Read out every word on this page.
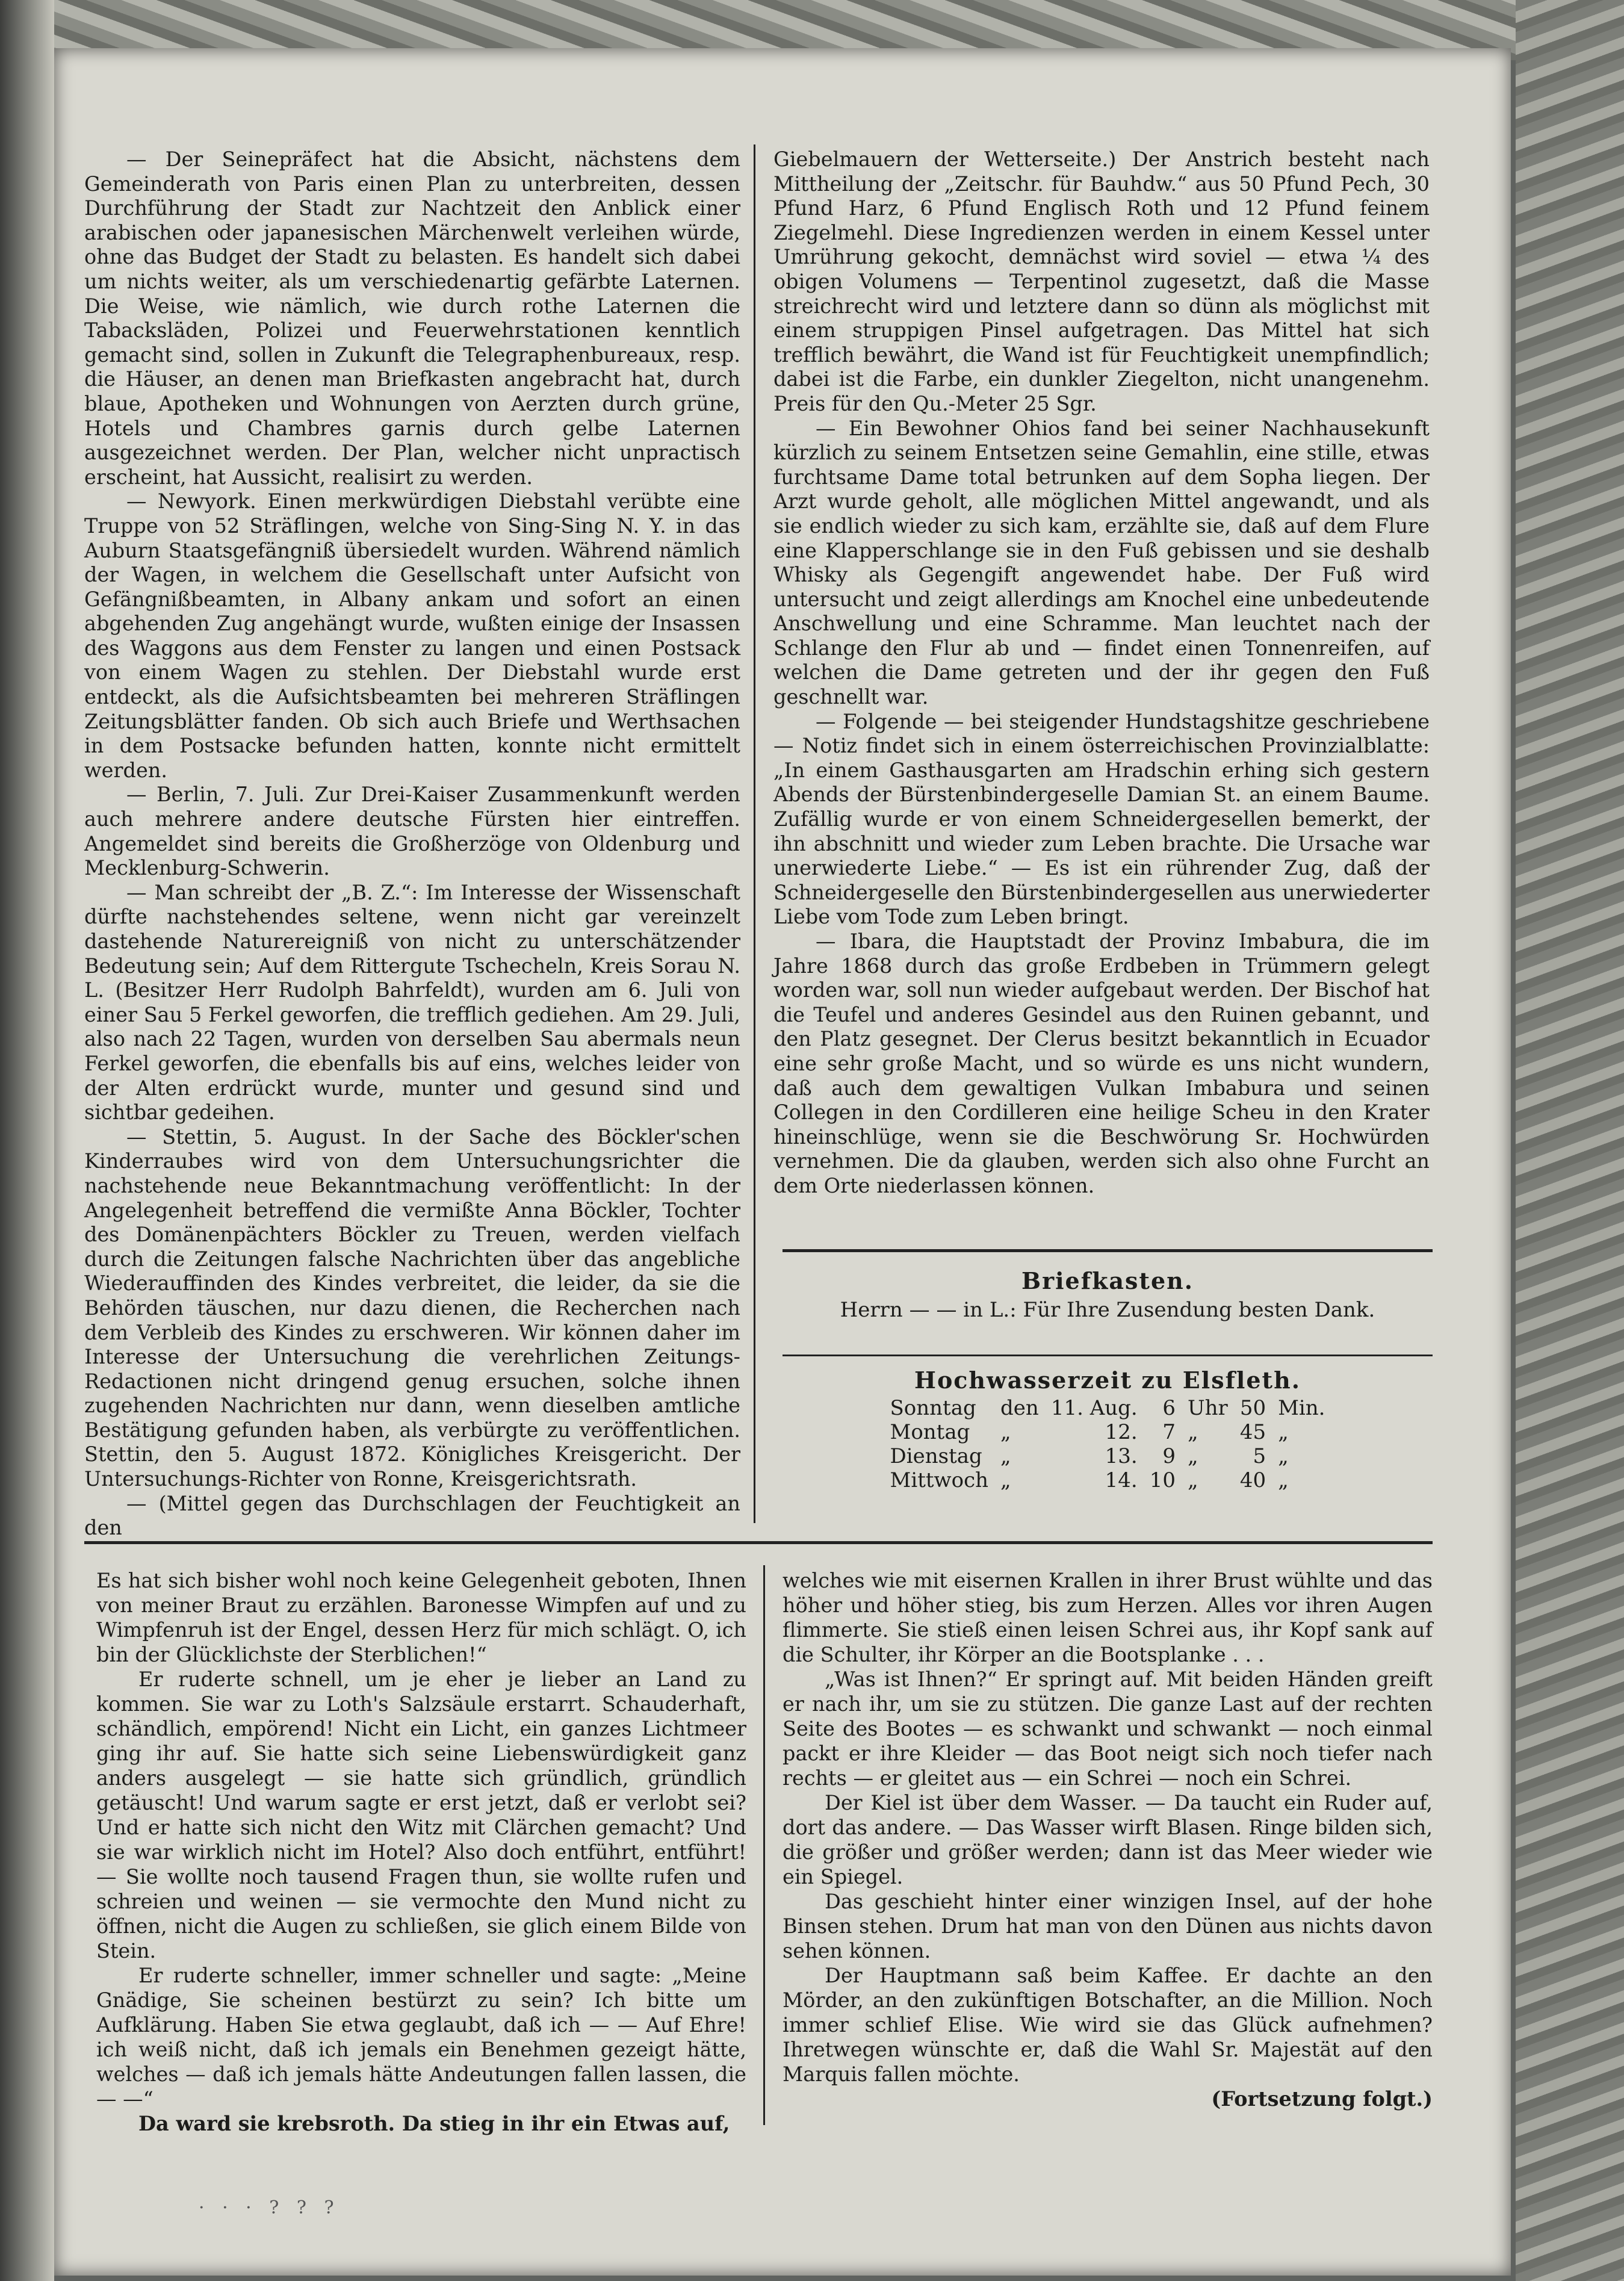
— Der Seinepräfect hat die Absicht, nächstens dem Gemeinderath von Paris einen Plan zu unterbreiten, dessen Durchführung der Stadt zur Nachtzeit den Anblick einer arabischen oder japanesischen Märchenwelt verleihen würde, ohne das Budget der Stadt zu belasten. Es handelt sich dabei um nichts weiter, als um verschiedenartig gefärbte Laternen. Die Weise, wie nämlich, wie durch rothe Laternen die Tabacksläden, Polizei und Feuerwehrstationen kenntlich gemacht sind, sollen in Zukunft die Telegraphenbureaux, resp. die Häuser, an denen man Briefkasten angebracht hat, durch blaue, Apotheken und Wohnungen von Aerzten durch grüne, Hotels und Chambres garnis durch gelbe Laternen ausgezeichnet werden. Der Plan, welcher nicht unpractisch erscheint, hat Aussicht, realisirt zu werden.

— Newyork. Einen merkwürdigen Diebstahl verübte eine Truppe von 52 Sträflingen, welche von Sing-Sing N. Y. in das Auburn Staatsgefängniß übersiedelt wurden. Während nämlich der Wagen, in welchem die Gesellschaft unter Aufsicht von Gefängnißbeamten, in Albany ankam und sofort an einen abgehenden Zug angehängt wurde, wußten einige der Insassen des Waggons aus dem Fenster zu langen und einen Postsack von einem Wagen zu stehlen. Der Diebstahl wurde erst entdeckt, als die Aufsichtsbeamten bei mehreren Sträflingen Zeitungsblätter fanden. Ob sich auch Briefe und Werthsachen in dem Postsacke befunden hatten, konnte nicht ermittelt werden.

— Berlin, 7. Juli. Zur Drei-Kaiser Zusammenkunft werden auch mehrere andere deutsche Fürsten hier eintreffen. Angemeldet sind bereits die Großherzöge von Oldenburg und Mecklenburg-Schwerin.

— Man schreibt der „B. Z.“: Im Interesse der Wissenschaft dürfte nachstehendes seltene, wenn nicht gar vereinzelt dastehende Naturereigniß von nicht zu unterschätzender Bedeutung sein; Auf dem Rittergute Tschecheln, Kreis Sorau N. L. (Besitzer Herr Rudolph Bahrfeldt), wurden am 6. Juli von einer Sau 5 Ferkel geworfen, die trefflich gediehen. Am 29. Juli, also nach 22 Tagen, wurden von derselben Sau abermals neun Ferkel geworfen, die ebenfalls bis auf eins, welches leider von der Alten erdrückt wurde, munter und gesund sind und sichtbar gedeihen.

— Stettin, 5. August. In der Sache des Böckler'schen Kinderraubes wird von dem Untersuchungsrichter die nachstehende neue Bekanntmachung veröffentlicht: In der Angelegenheit betreffend die vermißte Anna Böckler, Tochter des Domänenpächters Böckler zu Treuen, werden vielfach durch die Zeitungen falsche Nachrichten über das angebliche Wiederauffinden des Kindes verbreitet, die leider, da sie die Behörden täuschen, nur dazu dienen, die Recherchen nach dem Verbleib des Kindes zu erschweren. Wir können daher im Interesse der Untersuchung die verehrlichen Zeitungs-Redactionen nicht dringend genug ersuchen, solche ihnen zugehenden Nachrichten nur dann, wenn dieselben amtliche Bestätigung gefunden haben, als verbürgte zu veröffentlichen. Stettin, den 5. August 1872. Königliches Kreisgericht. Der Untersuchungs-Richter von Ronne, Kreisgerichtsrath.

— (Mittel gegen das Durchschlagen der Feuchtigkeit an den

Giebelmauern der Wetterseite.) Der Anstrich besteht nach Mittheilung der „Zeitschr. für Bauhdw.“ aus 50 Pfund Pech, 30 Pfund Harz, 6 Pfund Englisch Roth und 12 Pfund feinem Ziegelmehl. Diese Ingredienzen werden in einem Kessel unter Umrührung gekocht, demnächst wird soviel — etwa ¼ des obigen Volumens — Terpentinol zugesetzt, daß die Masse streichrecht wird und letztere dann so dünn als möglichst mit einem struppigen Pinsel aufgetragen. Das Mittel hat sich trefflich bewährt, die Wand ist für Feuchtigkeit unempfindlich; dabei ist die Farbe, ein dunkler Ziegelton, nicht unangenehm. Preis für den Qu.-Meter 25 Sgr.

— Ein Bewohner Ohios fand bei seiner Nachhausekunft kürzlich zu seinem Entsetzen seine Gemahlin, eine stille, etwas furchtsame Dame total betrunken auf dem Sopha liegen. Der Arzt wurde geholt, alle möglichen Mittel angewandt, und als sie endlich wieder zu sich kam, erzählte sie, daß auf dem Flure eine Klapperschlange sie in den Fuß gebissen und sie deshalb Whisky als Gegengift angewendet habe. Der Fuß wird untersucht und zeigt allerdings am Knochel eine unbedeutende Anschwellung und eine Schramme. Man leuchtet nach der Schlange den Flur ab und — findet einen Tonnenreifen, auf welchen die Dame getreten und der ihr gegen den Fuß geschnellt war.

— Folgende — bei steigender Hundstagshitze geschriebene — Notiz findet sich in einem österreichischen Provinzialblatte: „In einem Gasthausgarten am Hradschin erhing sich gestern Abends der Bürstenbindergeselle Damian St. an einem Baume. Zufällig wurde er von einem Schneidergesellen bemerkt, der ihn abschnitt und wieder zum Leben brachte. Die Ursache war unerwiederte Liebe.“ — Es ist ein rührender Zug, daß der Schneidergeselle den Bürstenbindergesellen aus unerwiederter Liebe vom Tode zum Leben bringt.

— Ibara, die Hauptstadt der Provinz Imbabura, die im Jahre 1868 durch das große Erdbeben in Trümmern gelegt worden war, soll nun wieder aufgebaut werden. Der Bischof hat die Teufel und anderes Gesindel aus den Ruinen gebannt, und den Platz gesegnet. Der Clerus besitzt bekanntlich in Ecuador eine sehr große Macht, und so würde es uns nicht wundern, daß auch dem gewaltigen Vulkan Imbabura und seinen Collegen in den Cordilleren eine heilige Scheu in den Krater hineinschlüge, wenn sie die Beschwörung Sr. Hochwürden vernehmen. Die da glauben, werden sich also ohne Furcht an dem Orte niederlassen können.

Briefkasten.
Herrn — — in L.: Für Ihre Zusendung besten Dank.
Hochwasserzeit zu Elsfleth.
Sonntag	den	11. Aug.	6	Uhr	50	Min.
Montag	„	12.	7	„	45	„
Dienstag	„	13.	9	„	5	„
Mittwoch	„	14.	10	„	40	„

Es hat sich bisher wohl noch keine Gelegenheit geboten, Ihnen von meiner Braut zu erzählen. Baronesse Wimpfen auf und zu Wimpfenruh ist der Engel, dessen Herz für mich schlägt. O, ich bin der Glücklichste der Sterblichen!“

Er ruderte schnell, um je eher je lieber an Land zu kommen. Sie war zu Loth's Salzsäule erstarrt. Schauderhaft, schändlich, empörend! Nicht ein Licht, ein ganzes Lichtmeer ging ihr auf. Sie hatte sich seine Liebenswürdigkeit ganz anders ausgelegt — sie hatte sich gründlich, gründlich getäuscht! Und warum sagte er erst jetzt, daß er verlobt sei? Und er hatte sich nicht den Witz mit Clärchen gemacht? Und sie war wirklich nicht im Hotel? Also doch entführt, entführt! — Sie wollte noch tausend Fragen thun, sie wollte rufen und schreien und weinen — sie vermochte den Mund nicht zu öffnen, nicht die Augen zu schließen, sie glich einem Bilde von Stein.

Er ruderte schneller, immer schneller und sagte: „Meine Gnädige, Sie scheinen bestürzt zu sein? Ich bitte um Aufklärung. Haben Sie etwa geglaubt, daß ich — — Auf Ehre! ich weiß nicht, daß ich jemals ein Benehmen gezeigt hätte, welches — daß ich jemals hätte Andeutungen fallen lassen, die — —“

Da ward sie krebsroth. Da stieg in ihr ein Etwas auf,

welches wie mit eisernen Krallen in ihrer Brust wühlte und das höher und höher stieg, bis zum Herzen. Alles vor ihren Augen flimmerte. Sie stieß einen leisen Schrei aus, ihr Kopf sank auf die Schulter, ihr Körper an die Bootsplanke . . .

„Was ist Ihnen?“ Er springt auf. Mit beiden Händen greift er nach ihr, um sie zu stützen. Die ganze Last auf der rechten Seite des Bootes — es schwankt und schwankt — noch einmal packt er ihre Kleider — das Boot neigt sich noch tiefer nach rechts — er gleitet aus — ein Schrei — noch ein Schrei.

Der Kiel ist über dem Wasser. — Da taucht ein Ruder auf, dort das andere. — Das Wasser wirft Blasen. Ringe bilden sich, die größer und größer werden; dann ist das Meer wieder wie ein Spiegel.

Das geschieht hinter einer winzigen Insel, auf der hohe Binsen stehen. Drum hat man von den Dünen aus nichts davon sehen können.

Der Hauptmann saß beim Kaffee. Er dachte an den Mörder, an den zukünftigen Botschafter, an die Million. Noch immer schlief Elise. Wie wird sie das Glück aufnehmen? Ihretwegen wünschte er, daß die Wahl Sr. Majestät auf den Marquis fallen möchte.

(Fortsetzung folgt.)
· · · ? ? ?
